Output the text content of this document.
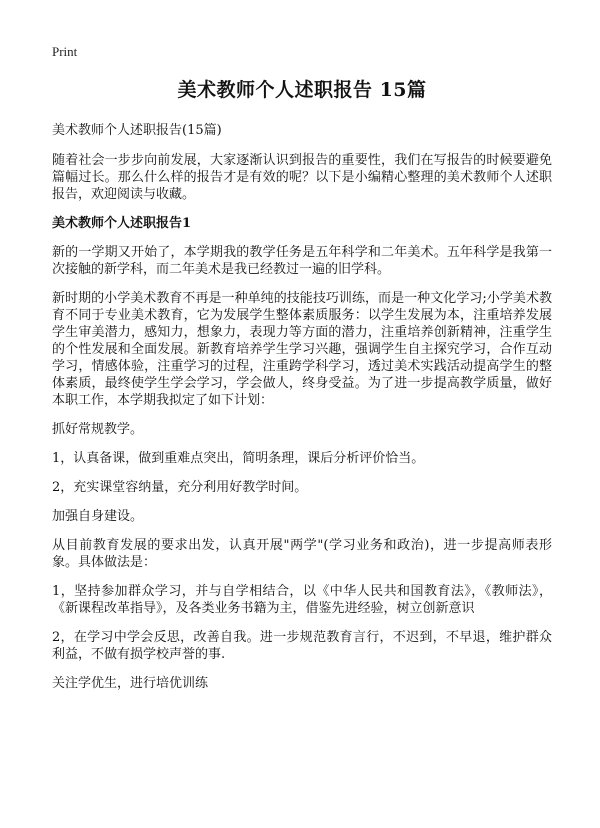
Print
美术教师个人述职报告 15篇
美术教师个人述职报告(15篇)

随着社会一步步向前发展，大家逐渐认识到报告的重要性，我们在写报告的时候要避免篇幅过长。那么什么样的报告才是有效的呢？以下是小编精心整理的美术教师个人述职报告，欢迎阅读与收藏。

美术教师个人述职报告1

新的一学期又开始了，本学期我的教学任务是五年科学和二年美术。五年科学是我第一次接触的新学科，而二年美术是我已经教过一遍的旧学科。

新时期的小学美术教育不再是一种单纯的技能技巧训练，而是一种文化学习;小学美术教育不同于专业美术教育，它为发展学生整体素质服务：以学生发展为本，注重培养发展学生审美潜力，感知力，想象力，表现力等方面的潜力，注重培养创新精神，注重学生的个性发展和全面发展。新教育培养学生学习兴趣，强调学生自主探究学习，合作互动学习，情感体验，注重学习的过程，注重跨学科学习，透过美术实践活动提高学生的整体素质，最终使学生学会学习，学会做人，终身受益。为了进一步提高教学质量，做好本职工作，本学期我拟定了如下计划：

抓好常规教学。

1，认真备课，做到重难点突出，简明条理，课后分析评价恰当。

2，充实课堂容纳量，充分利用好教学时间。

加强自身建设。

从目前教育发展的要求出发，认真开展"两学"(学习业务和政治)，进一步提高师表形象。具体做法是：

1，坚持参加群众学习，并与自学相结合，以《中华人民共和国教育法》，《教师法》，《新课程改革指导》，及各类业务书籍为主，借鉴先进经验，树立创新意识

2，在学习中学会反思，改善自我。进一步规范教育言行，不迟到，不早退，维护群众利益，不做有损学校声誉的事.

关注学优生，进行培优训练
